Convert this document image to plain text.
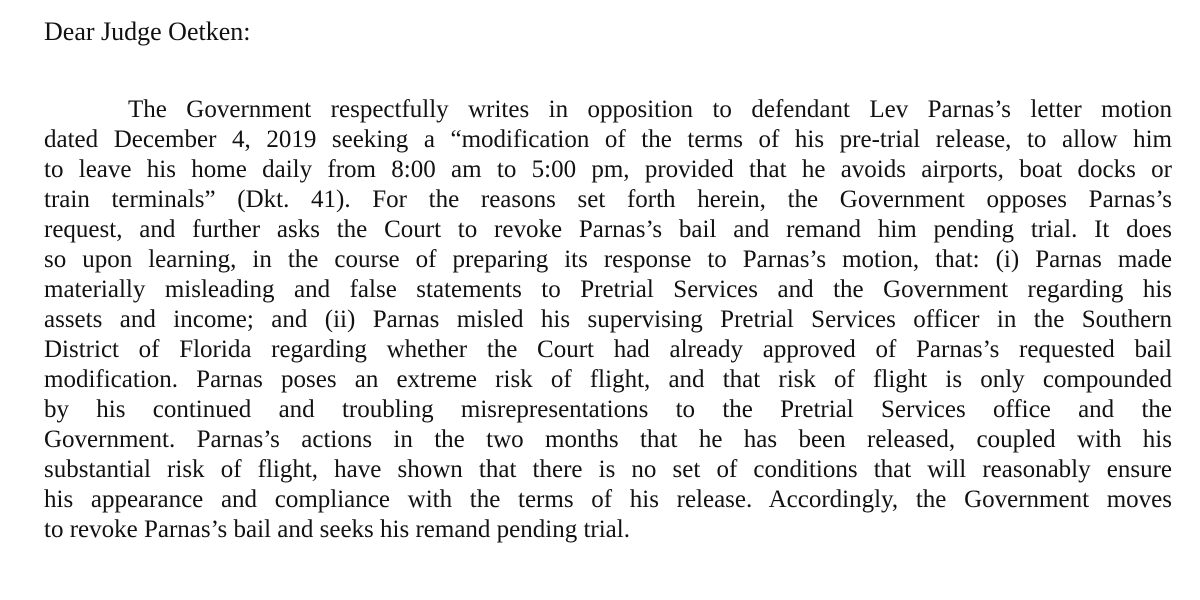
Dear Judge Oetken:

The Government respectfully writes in opposition to defendant Lev Parnas’s letter motion
dated December 4, 2019 seeking a “modification of the terms of his pre-trial release, to allow him
to leave his home daily from 8:00 am to 5:00 pm, provided that he avoids airports, boat docks or
train terminals” (Dkt. 41). For the reasons set forth herein, the Government opposes Parnas’s
request, and further asks the Court to revoke Parnas’s bail and remand him pending trial. It does
so upon learning, in the course of preparing its response to Parnas’s motion, that: (i) Parnas made
materially misleading and false statements to Pretrial Services and the Government regarding his
assets and income; and (ii) Parnas misled his supervising Pretrial Services officer in the Southern
District of Florida regarding whether the Court had already approved of Parnas’s requested bail
modification. Parnas poses an extreme risk of flight, and that risk of flight is only compounded
by his continued and troubling misrepresentations to the Pretrial Services office and the
Government. Parnas’s actions in the two months that he has been released, coupled with his
substantial risk of flight, have shown that there is no set of conditions that will reasonably ensure
his appearance and compliance with the terms of his release. Accordingly, the Government moves
to revoke Parnas’s bail and seeks his remand pending trial.
